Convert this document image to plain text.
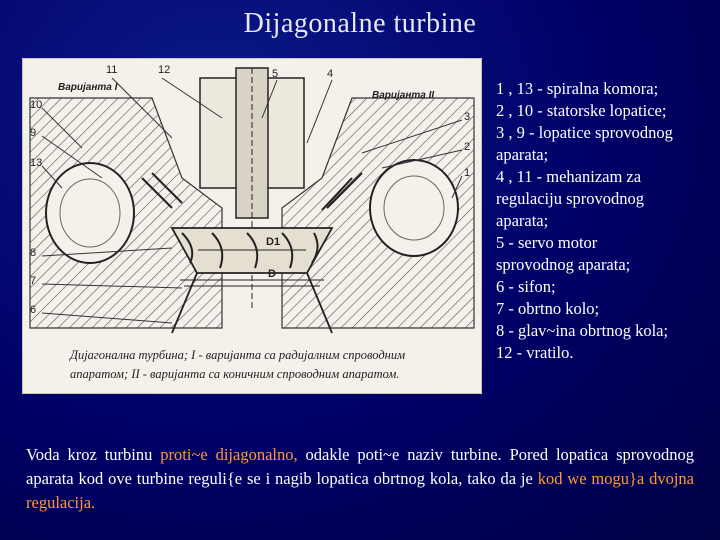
Dijagonalne turbine
11	12	5	4
10
9
13
8
7
6
3
2
1
D1
D
Варијанта I
Варијанта II
Дијагонална турбина; I - варијанта са радијалним спроводним
апаратом; II - варијанта са коничним спроводним апаратом.
1 , 13 - spiralna komora;
2 , 10 - statorske lopatice;
3 , 9 - lopatice sprovodnog
aparata;
4 , 11 - mehanizam za
regulaciju sprovodnog
aparata;
5 - servo motor
sprovodnog aparata;
6 - sifon;
7 - obrtno kolo;
8 - glav~ina obrtnog kola;
12 - vratilo.
Voda kroz turbinu proti~e dijagonalno, odakle poti~e naziv turbine. Pored lopatica sprovodnog aparata kod ove turbine reguli{e se i nagib lopatica obrtnog kola, tako da je kod we mogu}a dvojna regulacija.
